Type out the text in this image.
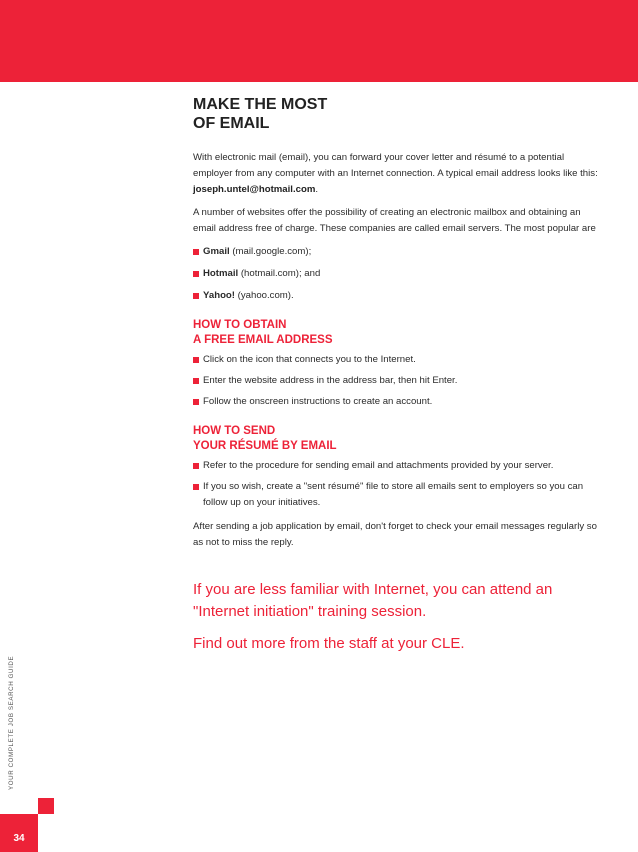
MAKE THE MOST
OF EMAIL

With electronic mail (email), you can forward your cover letter and résumé to a potential employer from any computer with an Internet connection. A typical email address looks like this: joseph.untel@hotmail.com.

A number of websites offer the possibility of creating an electronic mailbox and obtaining an email address free of charge. These companies are called email servers. The most popular are

Gmail (mail.google.com);
Hotmail (hotmail.com); and
Yahoo! (yahoo.com).
HOW TO OBTAIN
A FREE EMAIL ADDRESS
Click on the icon that connects you to the Internet.
Enter the website address in the address bar, then hit Enter.
Follow the onscreen instructions to create an account.
HOW TO SEND
YOUR RÉSUMÉ BY EMAIL
Refer to the procedure for sending email and attachments provided by your server.
If you so wish, create a "sent résumé" file to store all emails sent to employers so you can follow up on your initiatives.

After sending a job application by email, don't forget to check your email messages regularly so as not to miss the reply.

If you are less familiar with Internet, you can attend an "Internet initiation" training session.

Find out more from the staff at your CLE.

YOUR COMPLETE JOB SEARCH GUIDE
34
